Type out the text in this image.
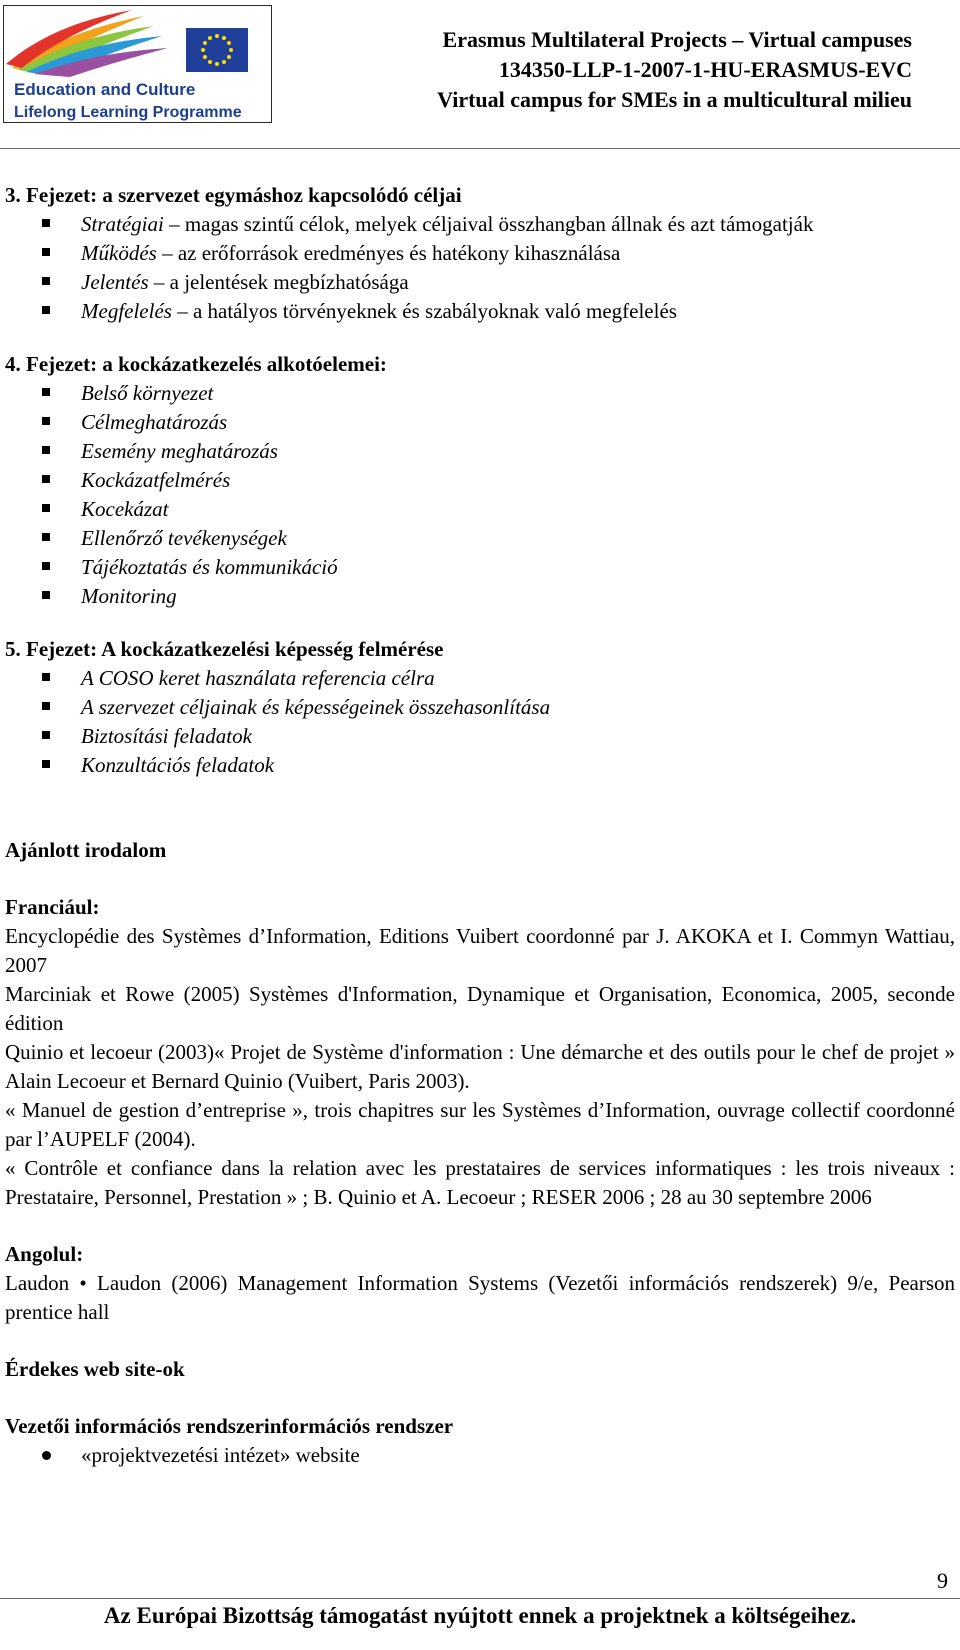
Education and Culture
Lifelong Learning Programme
Erasmus Multilateral Projects – Virtual campuses
134350-LLP-1-2007-1-HU-ERASMUS-EVC
Virtual campus for SMEs in a multicultural milieu
3. Fejezet: a szervezet egymáshoz kapcsolódó céljai
Stratégiai – magas szintű célok, melyek céljaival összhangban állnak és azt támogatják
Működés – az erőforrások eredményes és hatékony kihasználása
Jelentés – a jelentések megbízhatósága
Megfelelés – a hatályos törvényeknek és szabályoknak való megfelelés
4. Fejezet: a kockázatkezelés alkotóelemei:
Belső környezet
Célmeghatározás
Esemény meghatározás
Kockázatfelmérés
Kocekázat
Ellenőrző tevékenységek
Tájékoztatás és kommunikáció
Monitoring
5. Fejezet: A kockázatkezelési képesség felmérése
A COSO keret használata referencia célra
A szervezet céljainak és képességeinek összehasonlítása
Biztosítási feladatok
Konzultációs feladatok
Ajánlott irodalom
Franciául:

Encyclopédie des Systèmes d’Information, Editions Vuibert coordonné par J. AKOKA et I. Commyn Wattiau, 2007

Marciniak et Rowe (2005) Systèmes d'Information, Dynamique et Organisation, Economica, 2005, seconde édition

Quinio et lecoeur (2003)« Projet de Système d'information : Une démarche et des outils pour le chef de projet » Alain Lecoeur et Bernard Quinio (Vuibert, Paris 2003).

« Manuel de gestion d’entreprise », trois chapitres sur les Systèmes d’Information, ouvrage collectif coordonné par l’AUPELF (2004).

« Contrôle et confiance dans la relation avec les prestataires de services informatiques : les trois niveaux : Prestataire, Personnel, Prestation » ; B. Quinio et A. Lecoeur ; RESER 2006 ; 28 au 30 septembre 2006

Angolul:

Laudon • Laudon (2006) Management Information Systems (Vezetői információs rendszerek) 9/e, Pearson prentice hall

Érdekes web site-ok
Vezetői információs rendszerinformációs rendszer
«projektvezetési intézet» website
9
Az Európai Bizottság támogatást nyújtott ennek a projektnek a költségeihez.
